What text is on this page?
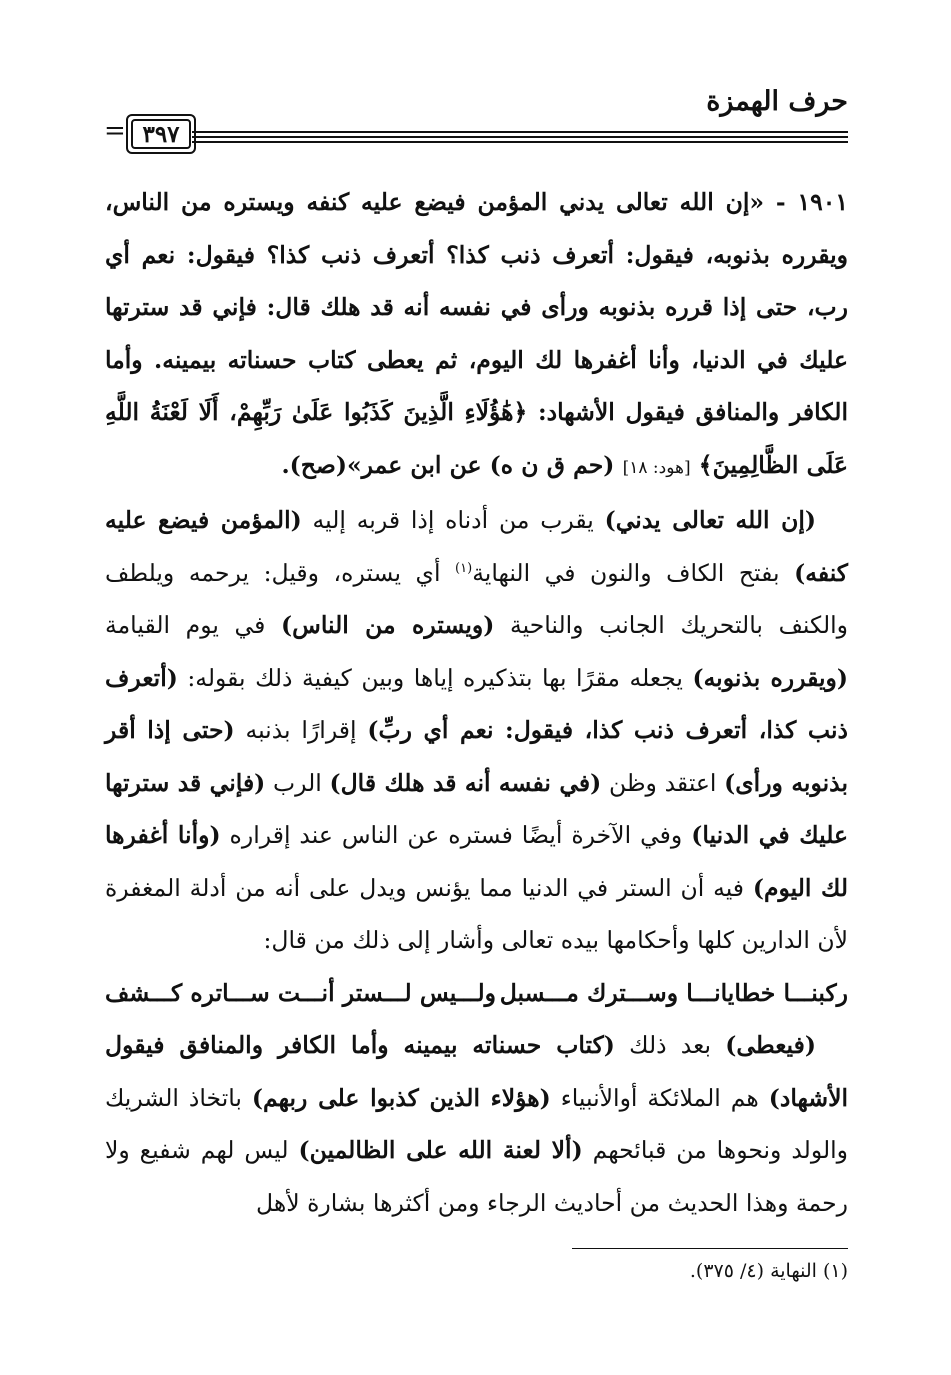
حرف الهمزة
٣٩٧
=

١٩٠١ - «إن الله تعالى يدني المؤمن فيضع عليه كنفه ويستره من الناس، ويقرره بذنوبه، فيقول: أتعرف ذنب كذا؟ أتعرف ذنب كذا؟ فيقول: نعم أي رب، حتى إذا قرره بذنوبه ورأى في نفسه أنه قد هلك قال: فإني قد سترتها عليك في الدنيا، وأنا أغفرها لك اليوم، ثم يعطى كتاب حسناته بيمينه. وأما الكافر والمنافق فيقول الأشهاد: ﴿هَٰؤُلَاءِ الَّذِينَ كَذَبُوا عَلَىٰ رَبِّهِمْ، أَلَا لَعْنَةُ اللَّهِ عَلَى الظَّالِمِينَ﴾ [هود: ١٨] (حم ق ن ه) عن ابن عمر»(صح).

(إن الله تعالى يدني) يقرب من أدناه إذا قربه إليه (المؤمن فيضع عليه كنفه) بفتح الكاف والنون في النهاية$^{(١)}$ أي يستره، وقيل: يرحمه ويلطف والكنف بالتحريك الجانب والناحية (ويستره من الناس) في يوم القيامة (ويقرره بذنوبه) يجعله مقرًا بها بتذكيره إياها وبين كيفية ذلك بقوله: (أتعرف ذنب كذا، أتعرف ذنب كذا، فيقول: نعم أي ربِّ) إقرارًا بذنبه (حتى إذا أقر بذنوبه ورأى) اعتقد وظن (في نفسه أنه قد هلك قال) الرب (فإني قد سترتها عليك في الدنيا) وفي الآخرة أيضًا فستره عن الناس عند إقراره (وأنا أغفرها لك اليوم) فيه أن الستر في الدنيا مما يؤنس ويدل على أنه من أدلة المغفرة لأن الدارين كلها وأحكامها بيده تعالى وأشار إلى ذلك من قال:

ركبنـــا خطايانـــا وســـترك مـــسبل
ولـــيس لـــستر أنـــت ســـاتره كـــشف

(فيعطى) بعد ذلك (كتاب حسناته بيمينه وأما الكافر والمنافق فيقول الأشهاد) هم الملائكة أوالأنبياء (هؤلاء الذين كذبوا على ربهم) باتخاذ الشريك والولد ونحوها من قبائحهم (ألا لعنة الله على الظالمين) ليس لهم شفيع ولا رحمة وهذا الحديث من أحاديث الرجاء ومن أكثرها بشارة لأهل

(١) النهاية (٤/ ٣٧٥).
